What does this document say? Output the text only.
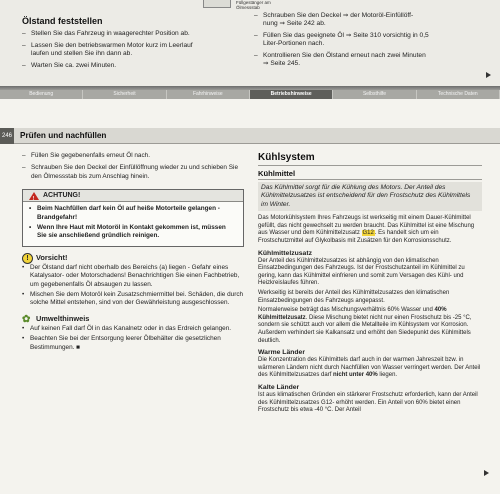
Füllgestänger am
Ölmessstab
Ölstand feststellen
– Stellen Sie das Fahrzeug in waagerechter Position ab.
– Lassen Sie den betriebswarmen Motor kurz im Leerlauf
laufen und stellen Sie ihn dann ab.
– Warten Sie ca. zwei Minuten.
– Schrauben Sie den Deckel ⇒ der Motoröl-Einfüllöff-
nung ⇒ Seite 242 ab.
– Füllen Sie das geeignete Öl ⇒ Seite 310 vorsichtig in 0,5
Liter-Portionen nach.
– Kontrollieren Sie den Ölstand erneut nach zwei Minuten
⇒ Seite 245.
Bedienung	Sicherheit	Fahrhinweise	Betriebshinweise	Selbsthilfe	Technische Daten
246 Prüfen und nachfüllen
– Füllen Sie gegebenenfalls erneut Öl nach.
– Schrauben Sie den Deckel der Einfüllöffnung wieder zu und schieben Sie den Ölmessstab bis zum Anschlag hinein.
! ACHTUNG!
• Beim Nachfüllen darf kein Öl auf heiße Motorteile gelangen - Brandgefahr!
• Wenn Ihre Haut mit Motoröl in Kontakt gekommen ist, müssen Sie sie anschließend gründlich reinigen.
! Vorsicht!
• Der Ölstand darf nicht oberhalb des Bereichs (a) liegen - Gefahr eines Katalysator- oder Motorschadens! Benachrichtigen Sie einen Fachbetrieb, um gegebenenfalls Öl absaugen zu lassen.
• Mischen Sie dem Motoröl kein Zusatzschmiermittel bei. Schäden, die durch solche Mittel entstehen, sind von der Gewährleistung ausgeschlossen.
✿ Umwelthinweis
• Auf keinen Fall darf Öl in das Kanalnetz oder in das Erdreich gelangen.
• Beachten Sie bei der Entsorgung leerer Ölbehälter die gesetzlichen Bestimmungen. ■
Kühlsystem
Kühlmittel
Das Kühlmittel sorgt für die Kühlung des Motors. Der Anteil des Kühlmittelzusatzes ist entscheidend für den Frostschutz des Kühlmittels im Winter.
Das Motorkühlsystem Ihres Fahrzeugs ist werkseitig mit einem Dauer-Kühlmittel gefüllt, das nicht gewechselt zu werden braucht. Das Kühlmittel ist eine Mischung aus Wasser und dem Kühlmittelzusatz G12. Es handelt sich um ein Frostschutzmittel auf Glykolbasis mit Zusätzen für den Korrosionsschutz.
Kühlmittelzusatz
Der Anteil des Kühlmittelzusatzes ist abhängig von den klimatischen Einsatzbedingungen des Fahrzeugs. Ist der Frostschutzanteil im Kühlmittel zu gering, kann das Kühlmittel einfrieren und somit zum Versagen des Kühl- und Heizkreislaufes führen.
Werkseitig ist bereits der Anteil des Kühlmittelzusatzes den klimatischen Einsatzbedingungen des Fahrzeugs angepasst.
Normalerweise beträgt das Mischungsverhältnis 60% Wasser und 40% Kühlmittelzusatz. Diese Mischung bietet nicht nur einen Frostschutz bis -25 °C, sondern sie schützt auch vor allem die Metallteile im Kühlsystem vor Korrosion. Außerdem verhindert sie Kalkansatz und erhöht den Siedepunkt des Kühlmittels deutlich.
Warme Länder
Die Konzentration des Kühlmittels darf auch in der warmen Jahreszeit bzw. in wärmeren Ländern nicht durch Nachfüllen von Wasser verringert werden. Der Anteil des Kühlmittelzusatzes darf nicht unter 40% liegen.
Kalte Länder
Ist aus klimatischen Gründen ein stärkerer Frostschutz erforderlich, kann der Anteil des Kühlmittelzusatzes G12- erhöht werden. Ein Anteil von 60% bietet einen Frostschutz bis etwa -40 °C. Der Anteil
